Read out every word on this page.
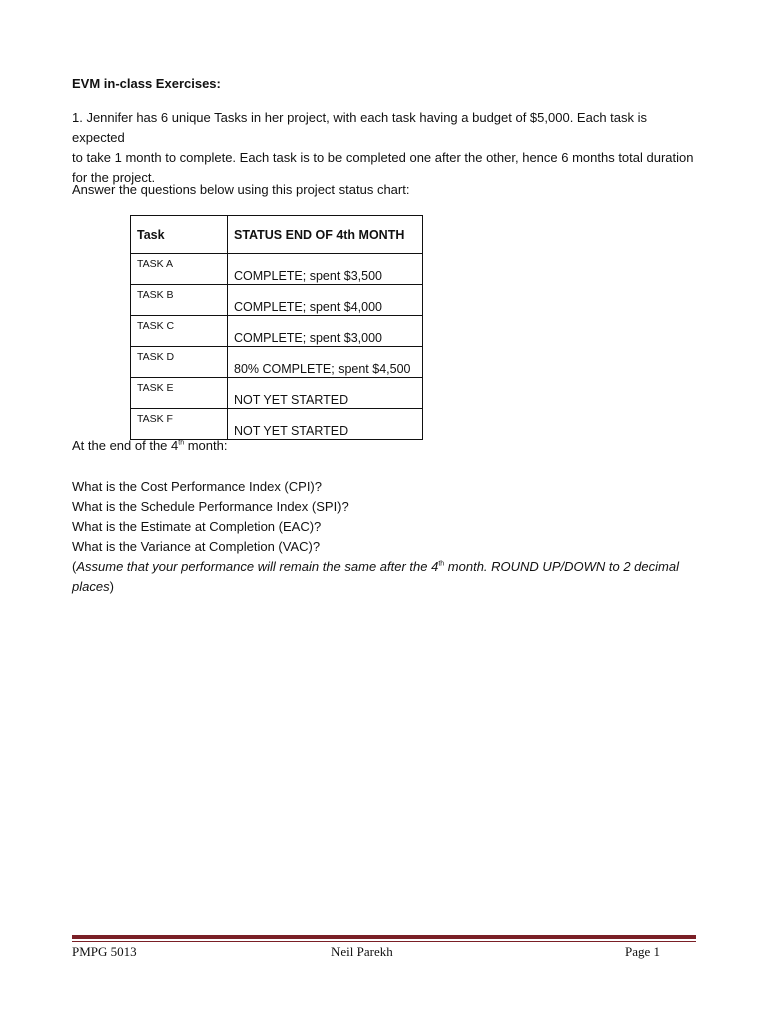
EVM in-class Exercises:
1. Jennifer has 6 unique Tasks in her project, with each task having a budget of $5,000. Each task is expected
to take 1 month to complete. Each task is to be completed one after the other, hence 6 months total duration
for the project.
Answer the questions below using this project status chart:
Task	STATUS END OF 4th MONTH
TASK A	COMPLETE; spent $3,500
TASK B	COMPLETE; spent $4,000
TASK C	COMPLETE; spent $3,000
TASK D	80% COMPLETE; spent $4,500
TASK E	NOT YET STARTED
TASK F	NOT YET STARTED
At the end of the 4th month:
What is the Cost Performance Index (CPI)?
What is the Schedule Performance Index (SPI)?
What is the Estimate at Completion (EAC)?
What is the Variance at Completion (VAC)?
(Assume that your performance will remain the same after the 4th month. ROUND UP/DOWN to 2 decimal
places)
PMPG 5013	Neil Parekh	Page 1
